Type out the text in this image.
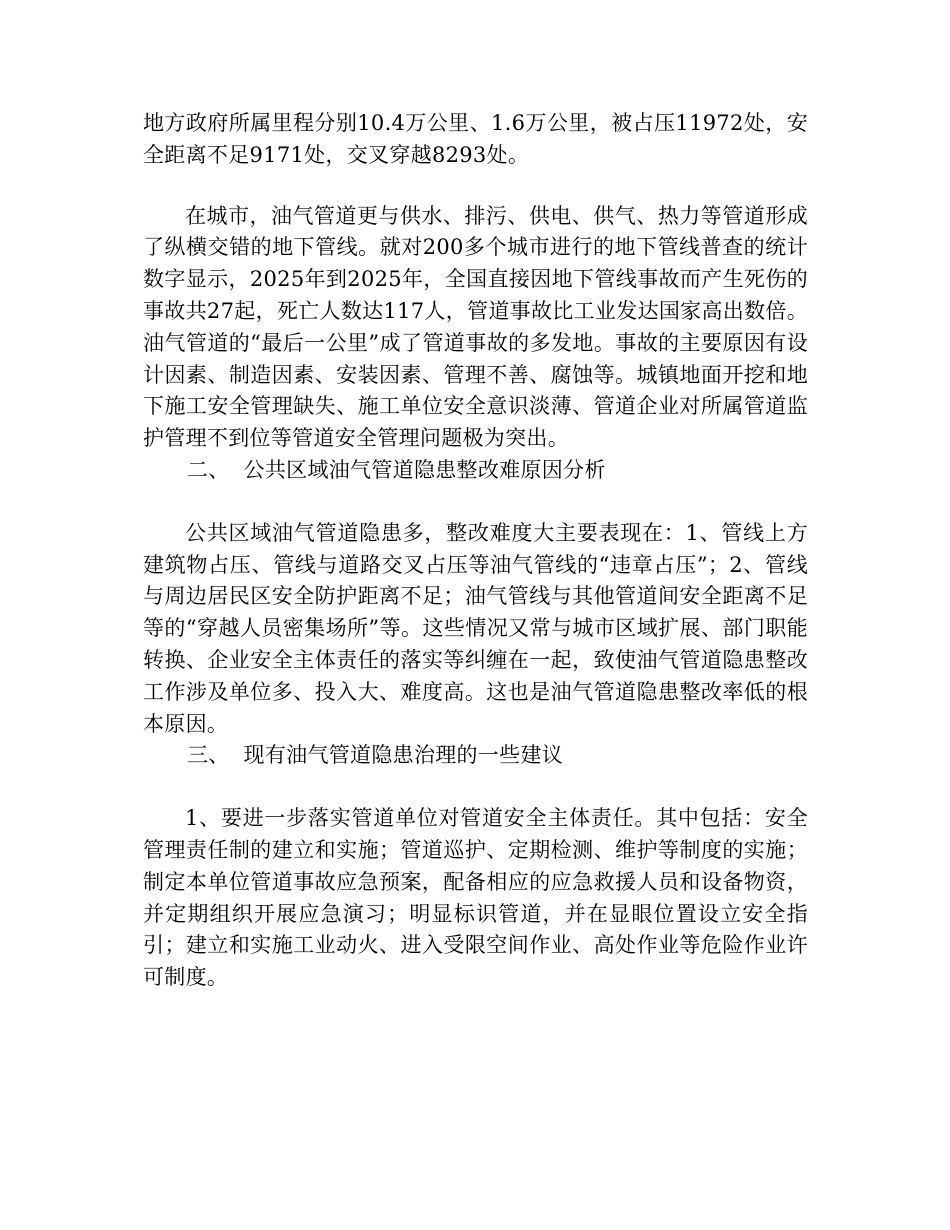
地方政府所属里程分别10.4万公里、1.6万公里，被占压11972处，安全距离不足9171处，交叉穿越8293处。

在城市，油气管道更与供水、排污、供电、供气、热力等管道形成了纵横交错的地下管线。就对200多个城市进行的地下管线普查的统计数字显示，2025年到2025年，全国直接因地下管线事故而产生死伤的事故共27起，死亡人数达117人，管道事故比工业发达国家高出数倍。油气管道的“最后一公里”成了管道事故的多发地。事故的主要原因有设计因素、制造因素、安装因素、管理不善、腐蚀等。城镇地面开挖和地下施工安全管理缺失、施工单位安全意识淡薄、管道企业对所属管道监护管理不到位等管道安全管理问题极为突出。

二、  公共区域油气管道隐患整改难原因分析

公共区域油气管道隐患多，整改难度大主要表现在：1、管线上方建筑物占压、管线与道路交叉占压等油气管线的“违章占压”；2、管线与周边居民区安全防护距离不足；油气管线与其他管道间安全距离不足等的“穿越人员密集场所”等。这些情况又常与城市区域扩展、部门职能转换、企业安全主体责任的落实等纠缠在一起，致使油气管道隐患整改工作涉及单位多、投入大、难度高。这也是油气管道隐患整改率低的根本原因。

三、  现有油气管道隐患治理的一些建议

1、要进一步落实管道单位对管道安全主体责任。其中包括：安全管理责任制的建立和实施；管道巡护、定期检测、维护等制度的实施；制定本单位管道事故应急预案，配备相应的应急救援人员和设备物资，并定期组织开展应急演习；明显标识管道，并在显眼位置设立安全指引；建立和实施工业动火、进入受限空间作业、高处作业等危险作业许可制度。
